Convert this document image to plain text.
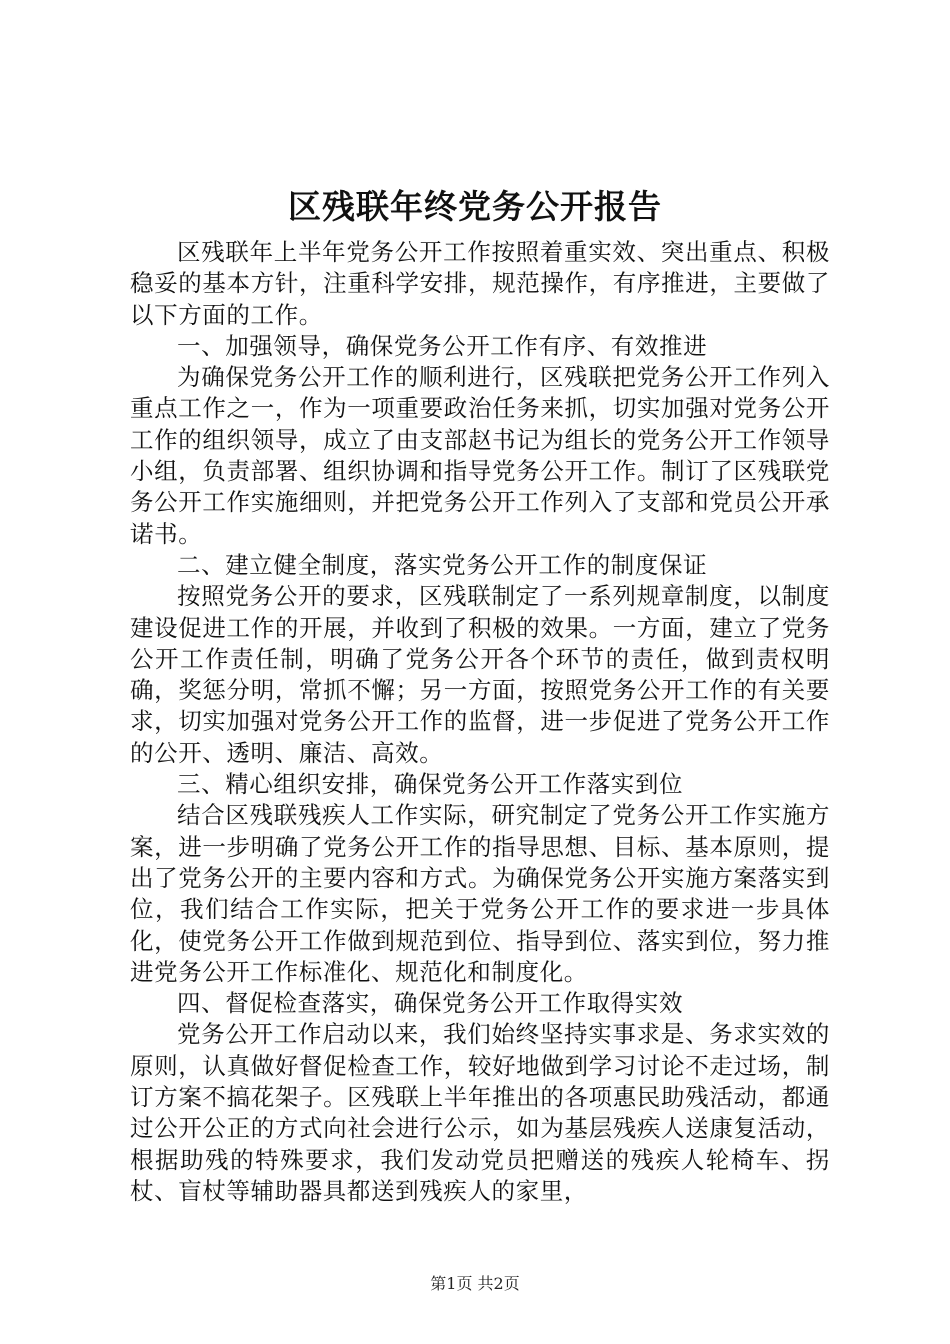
区残联年终党务公开报告

区残联年上半年党务公开工作按照着重实效、突出重点、积极稳妥的基本方针，注重科学安排，规范操作，有序推进，主要做了以下方面的工作。

一、加强领导，确保党务公开工作有序、有效推进

为确保党务公开工作的顺利进行，区残联把党务公开工作列入重点工作之一，作为一项重要政治任务来抓，切实加强对党务公开工作的组织领导，成立了由支部赵书记为组长的党务公开工作领导小组，负责部署、组织协调和指导党务公开工作。制订了区残联党务公开工作实施细则，并把党务公开工作列入了支部和党员公开承诺书。

二、建立健全制度，落实党务公开工作的制度保证

按照党务公开的要求，区残联制定了一系列规章制度，以制度建设促进工作的开展，并收到了积极的效果。一方面，建立了党务公开工作责任制，明确了党务公开各个环节的责任，做到责权明确，奖惩分明，常抓不懈；另一方面，按照党务公开工作的有关要求，切实加强对党务公开工作的监督，进一步促进了党务公开工作的公开、透明、廉洁、高效。

三、精心组织安排，确保党务公开工作落实到位

结合区残联残疾人工作实际，研究制定了党务公开工作实施方案，进一步明确了党务公开工作的指导思想、目标、基本原则，提出了党务公开的主要内容和方式。为确保党务公开实施方案落实到位，我们结合工作实际，把关于党务公开工作的要求进一步具体化，使党务公开工作做到规范到位、指导到位、落实到位，努力推进党务公开工作标准化、规范化和制度化。

四、督促检查落实，确保党务公开工作取得实效

党务公开工作启动以来，我们始终坚持实事求是、务求实效的原则，认真做好督促检查工作，较好地做到学习讨论不走过场，制订方案不搞花架子。区残联上半年推出的各项惠民助残活动，都通过公开公正的方式向社会进行公示，如为基层残疾人送康复活动，根据助残的特殊要求，我们发动党员把赠送的残疾人轮椅车、拐杖、盲杖等辅助器具都送到残疾人的家里，

第1页 共2页
